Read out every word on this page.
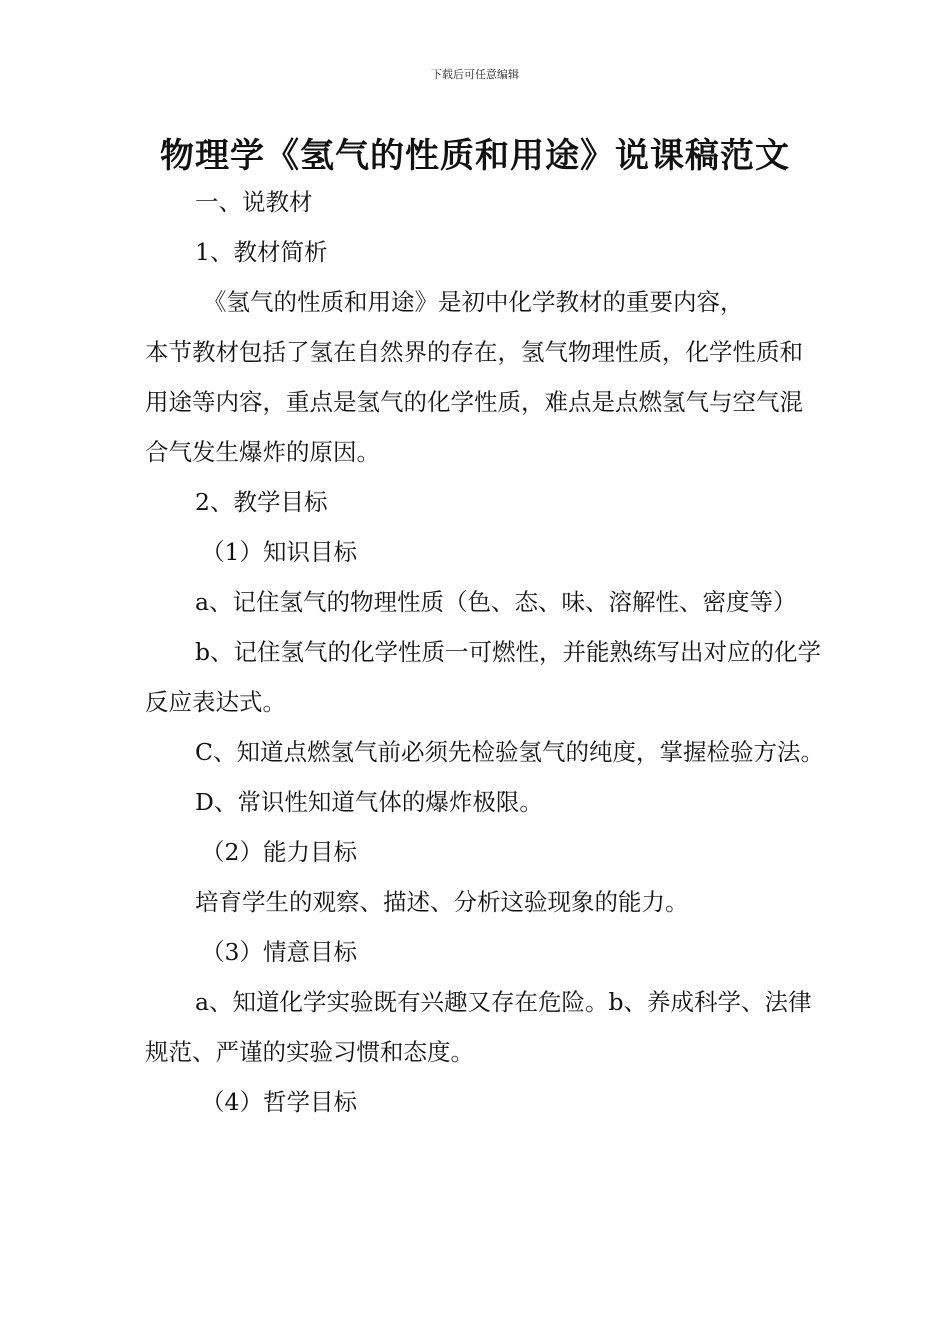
下载后可任意编辑
物理学《氢气的性质和用途》说课稿范文

一、说教材

1、教材简析

《氢气的性质和用途》是初中化学教材的重要内容，

本节教材包括了氢在自然界的存在，氢气物理性质，化学性质和用途等内容，重点是氢气的化学性质，难点是点燃氢气与空气混合气发生爆炸的原因。

2、教学目标

（1）知识目标

a、记住氢气的物理性质（色、态、味、溶解性、密度等）

b、记住氢气的化学性质一可燃性，并能熟练写出对应的化学反应表达式。

C、知道点燃氢气前必须先检验氢气的纯度，掌握检验方法。

D、常识性知道气体的爆炸极限。

（2）能力目标

培育学生的观察、描述、分析这验现象的能力。

（3）情意目标

a、知道化学实验既有兴趣又存在危险。b、养成科学、法律规范、严谨的实验习惯和态度。

（4）哲学目标
